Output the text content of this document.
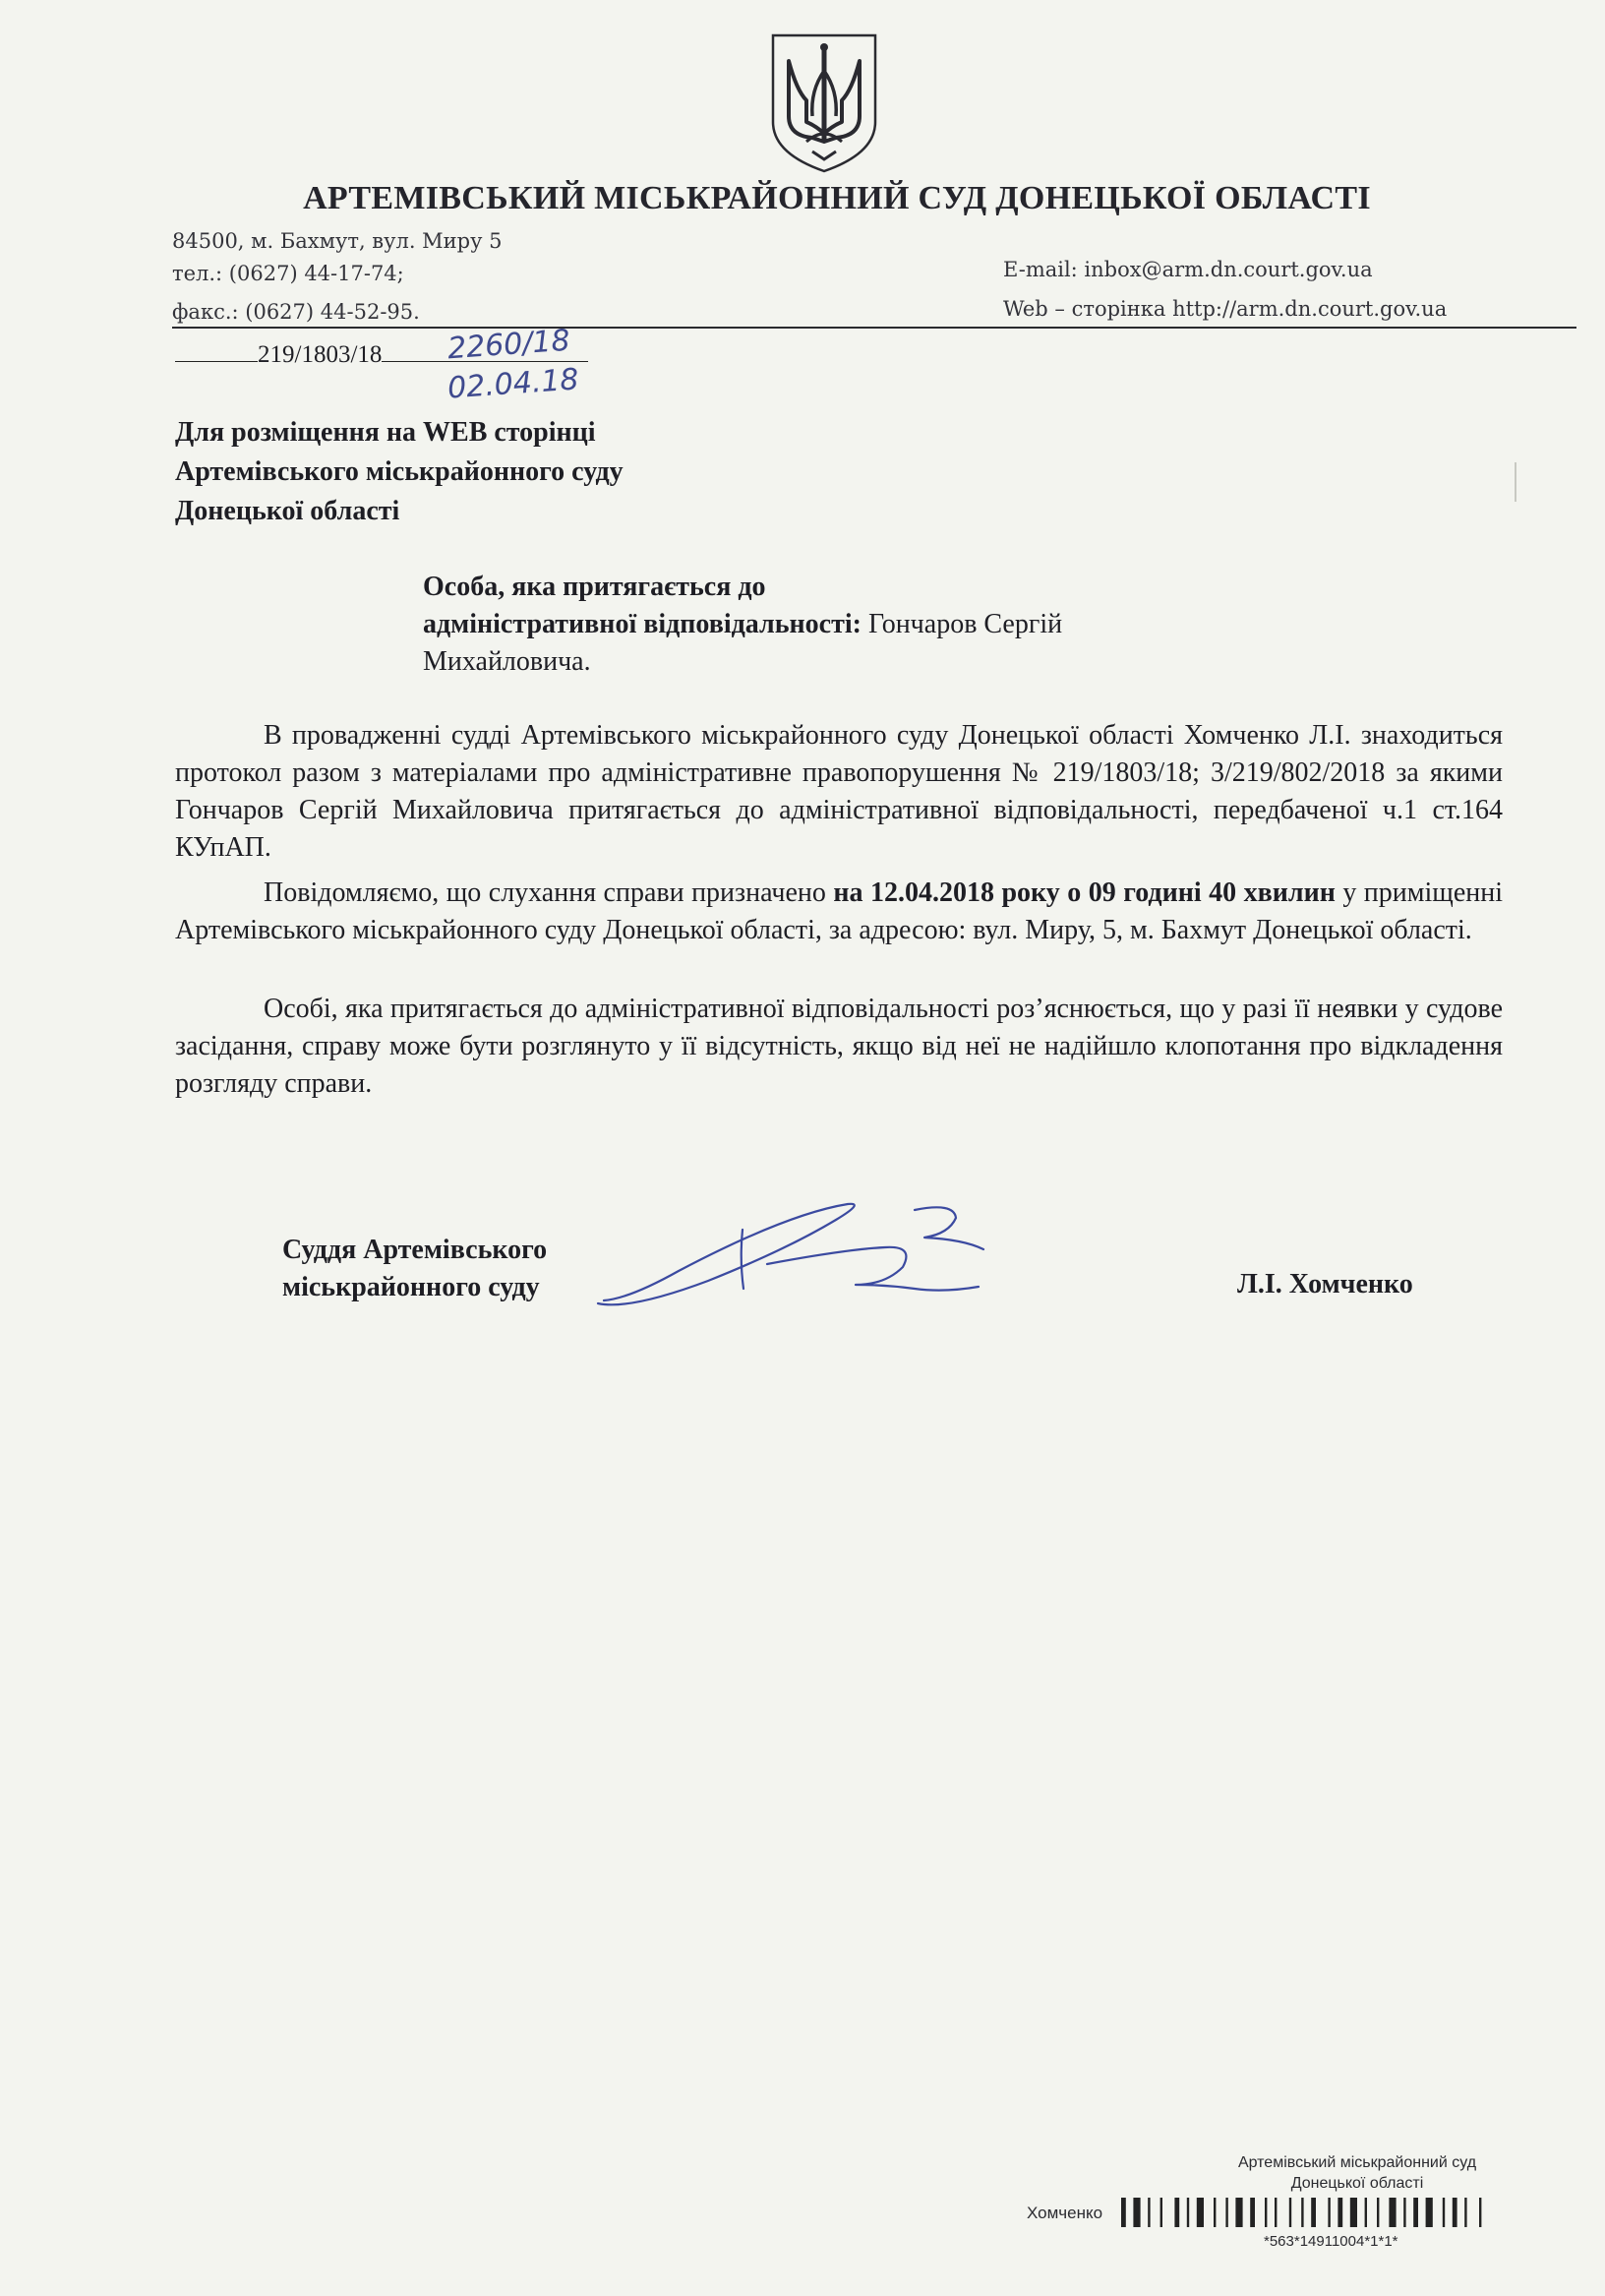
АРТЕМІВСЬКИЙ МІСЬКРАЙОННИЙ СУД ДОНЕЦЬКОЇ ОБЛАСТІ
84500, м. Бахмут, вул. Миру 5
тел.: (0627) 44-17-74;
факс.: (0627) 44-52-95.
E-mail: inbox@arm.dn.court.gov.ua
Web – сторінка http://arm.dn.court.gov.ua
219/1803/18	2260/18
02.04.18
Для розміщення на WEB сторінці
Артемівського міськрайонного суду
Донецької області
Особа, яка притягається до
адміністративної відповідальності: Гончаров Сергій
Михайловича.
В провадженні судді Артемівського міськрайонного суду Донецької області Хомченко Л.І. знаходиться протокол разом з матеріалами про адміністративне правопорушення № 219/1803/18; 3/219/802/2018 за якими Гончаров Сергій Михайловича притягається до адміністративної відповідальності, передбаченої ч.1 ст.164 КУпАП.
Повідомляємо, що слухання справи призначено на 12.04.2018 року о 09 годині 40 хвилин у приміщенні Артемівського міськрайонного суду Донецької області, за адресою: вул. Миру, 5, м. Бахмут Донецької області.
Особі, яка притягається до адміністративної відповідальності роз’яснюється, що у разі її неявки у судове засідання, справу може бути розглянуто у її відсутність, якщо від неї не надійшло клопотання про відкладення розгляду справи.
Суддя Артемівського
міськрайонного суду	Л.І. Хомченко
Артемівський міськрайонний суд
Донецької області
Хомченко
*563*14911004*1*1*
